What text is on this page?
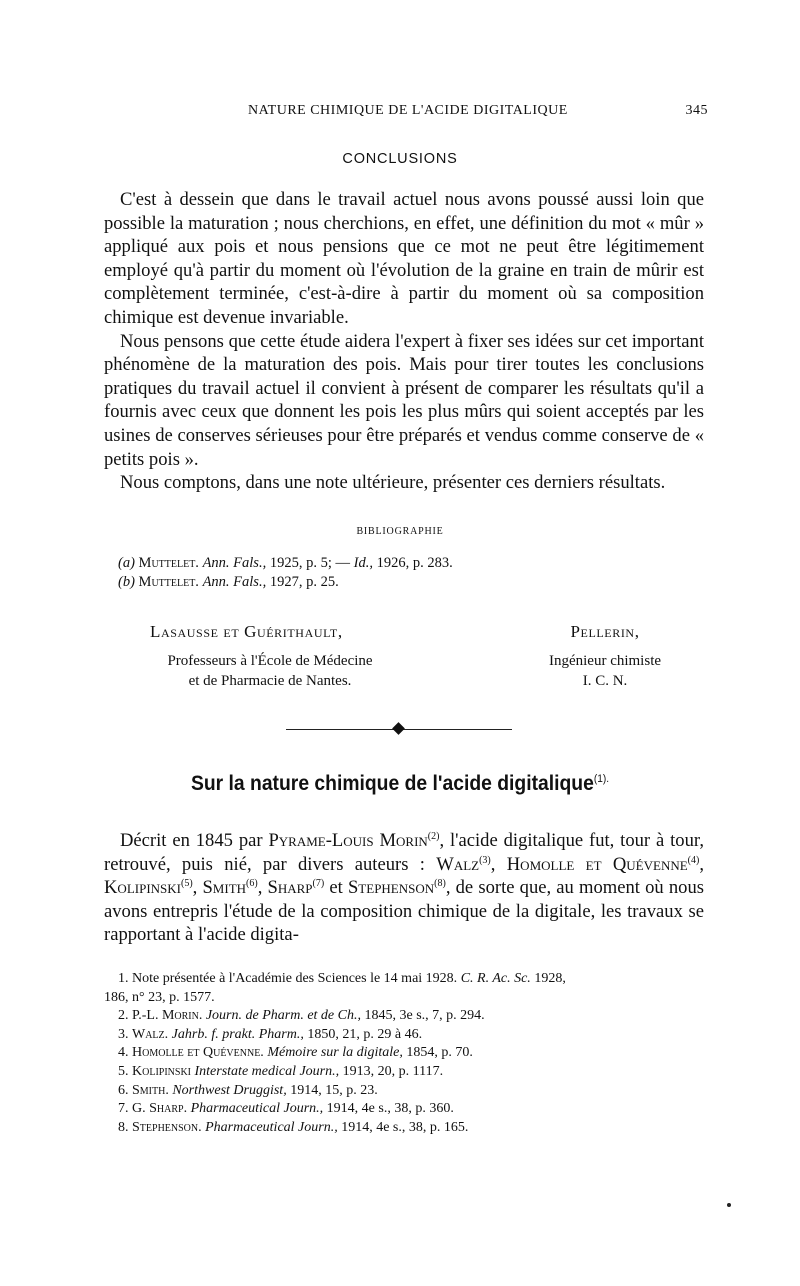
NATURE CHIMIQUE DE L'ACIDE DIGITALIQUE	345
CONCLUSIONS

C'est à dessein que dans le travail actuel nous avons poussé aussi loin que possible la maturation ; nous cherchions, en effet, une définition du mot « mûr » appliqué aux pois et nous pensions que ce mot ne peut être légitimement employé qu'à partir du moment où l'évolution de la graine en train de mûrir est complètement terminée, c'est-à-dire à partir du moment où sa composition chimique est devenue invariable.

Nous pensons que cette étude aidera l'expert à fixer ses idées sur cet important phénomène de la maturation des pois. Mais pour tirer toutes les conclusions pratiques du travail actuel il convient à présent de comparer les résultats qu'il a fournis avec ceux que donnent les pois les plus mûrs qui soient acceptés par les usines de conserves sérieuses pour être préparés et vendus comme conserve de « petits pois ».

Nous comptons, dans une note ultérieure, présenter ces derniers résultats.

BIBLIOGRAPHIE
(a) Muttelet. Ann. Fals., 1925, p. 5; — Id., 1926, p. 283.
(b) Muttelet. Ann. Fals., 1927, p. 25.
Lasausse et Guérithault,
Professeurs à l'École de Médecine
et de Pharmacie de Nantes.
Pellerin,
Ingénieur chimiste
I. C. N.
Sur la nature chimique de l'acide digitalique$^{(1).}$

Décrit en 1845 par Pyrame-Louis Morin$^{(2)}$, l'acide digitalique fut, tour à tour, retrouvé, puis nié, par divers auteurs : Walz$^{(3)}$, Homolle et Quévenne$^{(4)}$, Kolipinski$^{(5)}$, Smith$^{(6)}$, Sharp$^{(7)}$ et Stephenson$^{(8)}$, de sorte que, au moment où nous avons entrepris l'étude de la composition chimique de la digitale, les travaux se rapportant à l'acide digita-

1. Note présentée à l'Académie des Sciences le 14 mai 1928. C. R. Ac. Sc. 1928,
186, n° 23, p. 1577.
2. P.-L. Morin. Journ. de Pharm. et de Ch., 1845, 3e s., 7, p. 294.
3. Walz. Jahrb. f. prakt. Pharm., 1850, 21, p. 29 à 46.
4. Homolle et Quévenne. Mémoire sur la digitale, 1854, p. 70.
5. Kolipinski Interstate medical Journ., 1913, 20, p. 1117.
6. Smith. Northwest Druggist, 1914, 15, p. 23.
7. G. Sharp. Pharmaceutical Journ., 1914, 4e s., 38, p. 360.
8. Stephenson. Pharmaceutical Journ., 1914, 4e s., 38, p. 165.
